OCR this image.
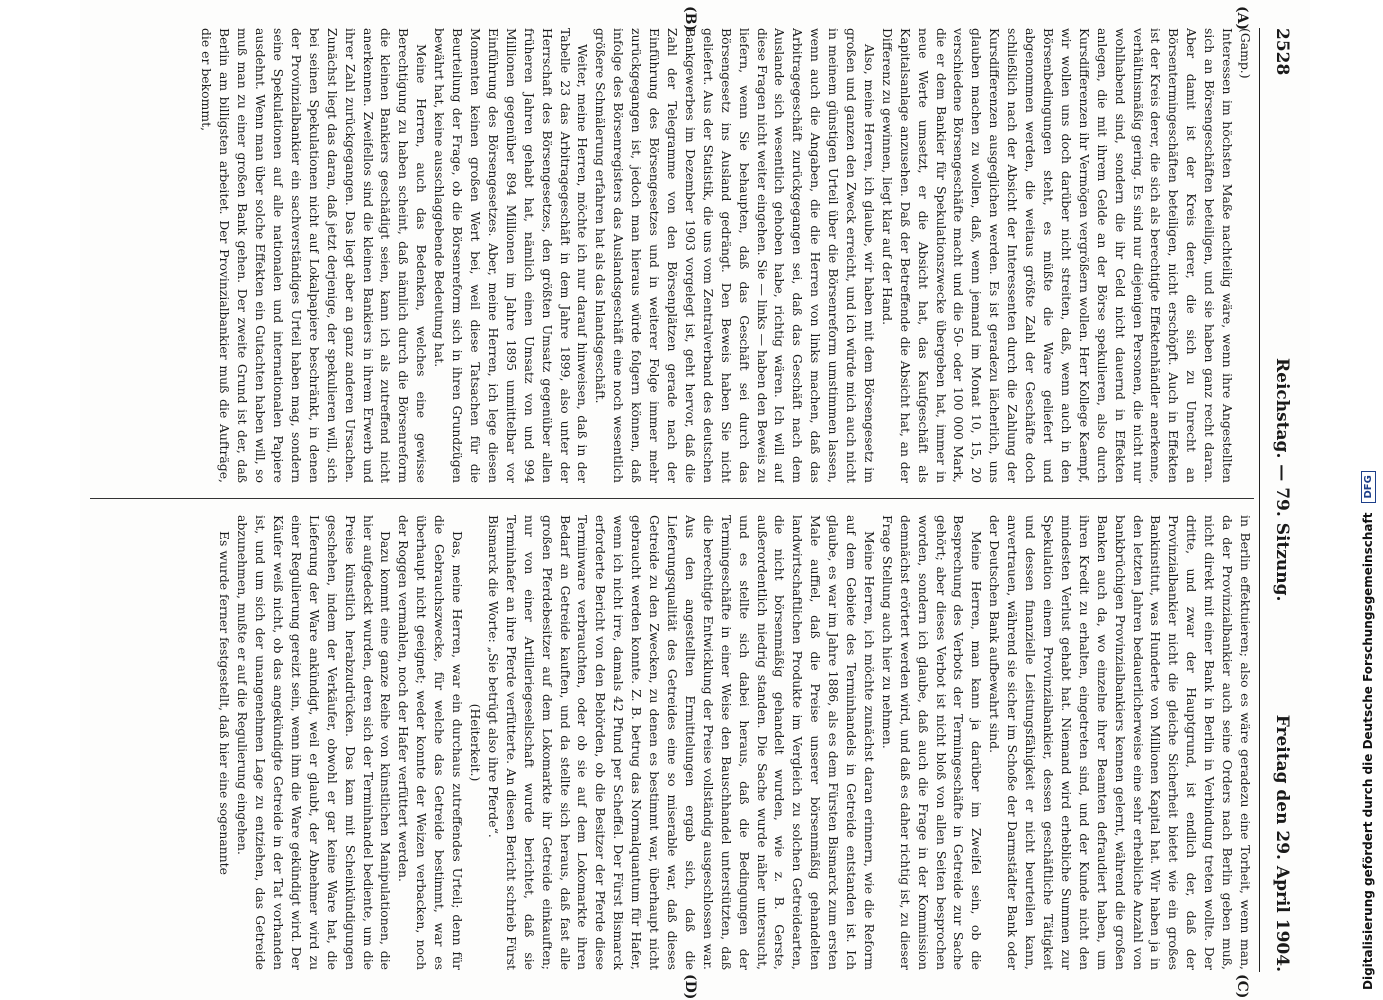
2528
Reichstag. — 79. Sitzung.
Freitag den 29. April 1904.
(A)
(B)
(C)
(D)

(Gamp.)

Interessen im höchsten Maße nachteilig wäre, wenn ihre Angestellten sich an Börsengeschäften beteiligen, und sie haben ganz recht daran. Aber damit ist der Kreis derer, die sich zu Unrecht an Börsentermingeschäften beteiligen, nicht erschöpft. Auch in Effekten ist der Kreis derer, die sich als berechtigte Effektenhändler anerkenne, verhältnismäßig gering. Es sind nur diejenigen Personen, die nicht nur wohlhabend sind, sondern die ihr Geld nicht dauernd in Effekten anlegen, die mit ihrem Gelde an der Börse spekulieren, also durch Kursdifferenzen ihr Vermögen vergrößern wollen. Herr Kollege Kaempf, wir wollen uns doch darüber nicht streiten, daß, wenn auch in den Börsenbedingungen steht, es müßte die Ware geliefert und abgenommen werden, die weitaus größte Zahl der Geschäfte doch schließlich nach der Absicht der Interessenten durch die Zahlung der Kursdifferenzen ausgeglichen werden. Es ist geradezu lächerlich, uns glauben machen zu wollen, daß, wenn jemand im Monat 10, 15, 20 verschiedene Börsengeschäfte macht und die 50- oder 100 000 Mark, die er dem Bankier für Spekulationszwecke übergeben hat, immer in neue Werte umsetzt, er die Absicht hat, das Kaufgeschäft als Kapitalsanlage anzusehen. Daß der Betreffende die Absicht hat, an der Differenz zu gewinnen, liegt klar auf der Hand.

Also, meine Herren, ich glaube, wir haben mit dem Börsengesetz im großen und ganzen den Zweck erreicht, und ich würde mich auch nicht in meinem günstigen Urteil über die Börsenreform umstimmen lassen, wenn auch die Angaben, die die Herren von links machen, daß das Arbitragegeschäft zurückgegangen sei, daß das Geschäft nach dem Auslande sich wesentlich gehoben habe, richtig wären. Ich will auf diese Fragen nicht weiter eingehen. Sie — links — haben den Beweis zu liefern, wenn Sie behaupten, daß das Geschäft sei durch das Börsengesetz ins Ausland gedrängt. Den Beweis haben Sie nicht geliefert. Aus der Statistik, die uns vom Zentralverband des deutschen Bankgewerbes im Dezember 1903 vorgelegt ist, geht hervor, daß die Zahl der Telegramme von den Börsenplätzen gerade nach der Einführung des Börsengesetzes und in weiterer Folge immer mehr zurückgegangen ist, jedoch man hieraus würde folgern können, daß infolge des Börsenregisters das Auslandsgeschäft eine noch wesentlich größere Schmälerung erfahren hat als das Inlandsgeschäft.

Weiter, meine Herren, möchte ich nur darauf hinweisen, daß in der Tabelle 23 das Arbitragegeschäft in dem Jahre 1899, also unter der Herrschaft des Börsengesetzes, den größten Umsatz gegenüber allen früheren Jahren gehabt hat, nämlich einen Umsatz von und 994 Millionen gegenüber 894 Millionen im Jahre 1895 unmittelbar vor Einführung des Börsengesetzes. Aber, meine Herren, ich lege diesen Momenten keinen großen Wert bei, weil diese Tatsachen für die Beurteilung der Frage, ob die Börsenreform sich in ihren Grundzügen bewährt hat, keine ausschlaggebende Bedeutung hat.

Meine Herren, auch das Bedenken, welches eine gewisse Berechtigung zu haben scheint, daß nämlich durch die Börsenreform die kleinen Bankiers geschädigt seien, kann ich als zutreffend nicht anerkennen. Zweifellos sind die kleinen Bankiers in ihrem Erwerb und ihrer Zahl zurückgegangen. Das liegt aber an ganz anderen Ursachen. Zunächst liegt das daran, daß jetzt derjenige, der spekulieren will, sich bei seinen Spekulationen nicht auf Lokalpapiere beschränkt, in denen der Provinzialbankier ein sachverständiges Urteil haben mag, sondern seine Spekulationen auf alle nationalen und internationalen Papiere ausdehnt. Wenn man über solche Effekten ein Gutachten haben will, so muß man zu einer großen Bank gehen. Der zweite Grund ist der, daß Berlin am billigsten arbeitet. Der Provinzialbankier muß die Aufträge, die er bekommt,

in Berlin effektuieren; also es wäre geradezu eine Torheit, wenn man, da der Provinzialbankier auch seine Orders nach Berlin geben muß, nicht direkt mit einer Bank in Berlin in Verbindung treten wollte. Der dritte, und zwar der Hauptgrund, ist endlich der, daß der Provinzialbankier nicht die gleiche Sicherheit bietet wie ein großes Bankinstitut, was Hunderte von Millionen Kapital hat. Wir haben ja in den letzten Jahren bedauerlicherweise eine sehr erhebliche Anzahl von bankbrüchigen Provinzialbankiers kennen gelernt, während die großen Banken auch da, wo einzelne ihrer Beamten defraudiert haben, um ihren Kredit zu erhalten, eingetreten sind, und der Kunde nicht den mindesten Verlust gehabt hat. Niemand wird erhebliche Summen zur Spekulation einem Provinzialbankier, dessen geschäftliche Tätigkeit und dessen finanzielle Leistungsfähigkeit er nicht beurteilen kann, anvertrauen, während sie sicher im Schoße der Darmstädter Bank oder der Deutschen Bank aufbewahrt sind.

Meine Herren, man kann ja darüber im Zweifel sein, ob die Besprechung des Verbots der Termingeschäfte in Getreide zur Sache gehört; aber dieses Verbot ist nicht bloß von allen Seiten besprochen worden, sondern ich glaube, daß auch die Frage in der Kommission demnächst erörtert werden wird, und daß es daher richtig ist, zu dieser Frage Stellung auch hier zu nehmen.

Meine Herren, ich möchte zunächst daran erinnern, wie die Reform auf dem Gebiete des Terminhandels in Getreide entstanden ist. Ich glaube, es war im Jahre 1886, als es dem Fürsten Bismarck zum ersten Male auffiel, daß die Preise unserer börsenmäßig gehandelten landwirtschaftlichen Produkte im Vergleich zu solchen Getreidearten, die nicht börsenmäßig gehandelt wurden, wie z. B. Gerste, außerordentlich niedrig standen. Die Sache wurde näher untersucht, und es stellte sich dabei heraus, daß die Bedingungen der Termingeschäfte in einer Weise den Bauschhandel unterstützten, daß die berechtigte Entwicklung der Preise vollständig ausgeschlossen war. Aus den angestellten Ermittelungen ergab sich, daß die Lieferungsqualität des Getreides eine so miserable war, daß dieses Getreide zu den Zwecken, zu denen es bestimmt war, überhaupt nicht gebraucht werden konnte. Z. B. betrug das Normalquantum für Hafer, wenn ich nicht irre, damals 42 Pfund per Scheffel. Der Fürst Bismarck erforderte Bericht von den Behörden, ob die Besitzer der Pferde diese Terminware verbrauchten, oder ob sie auf dem Lokomarkte ihren Bedarf an Getreide kauften, und da stellte sich heraus, daß fast alle großen Pferdebesitzer auf dem Lokomarkte ihr Getreide einkauften; nur von einer Artilleriegesellschaft wurde berichtet, daß sie Terminhafer an ihre Pferde verfütterte. An diesen Bericht schrieb Fürst Bismarck die Worte: „Sie betrügt also ihre Pferde“.

(Heiterkeit.)

Das, meine Herren, war ein durchaus zutreffendes Urteil; denn für die Gebrauchszwecke, für welche das Getreide bestimmt, war es überhaupt nicht geeignet; weder konnte der Weizen verbacken, noch der Roggen vermahlen, noch der Hafer verfüttert werden.

Dazu kommt eine ganze Reihe von künstlichen Manipulationen, die hier aufgedeckt wurden, deren sich der Terminhandel bediente, um die Preise künstlich herabzudrücken. Das kam mit Scheinkündigungen geschehen, indem der Verkäufer, obwohl er gar keine Ware hat, die Lieferung der Ware ankündigt, weil er glaubt, der Abnehmer wird zu einer Regulierung gereizt sein, wenn ihm die Ware gekündigt wird. Der Käufer weiß nicht, ob das angekündigte Getreide in der Tat vorhanden ist, und um sich der unangenehmen Lage zu entziehen, das Getreide abzunehmen, mußte er auf die Regulierung eingehen.

Es wurde ferner festgestellt, daß hier eine sogenannte	Digitalisierung gefördert durch die Deutsche Forschungsgemeinschaft
DFG
